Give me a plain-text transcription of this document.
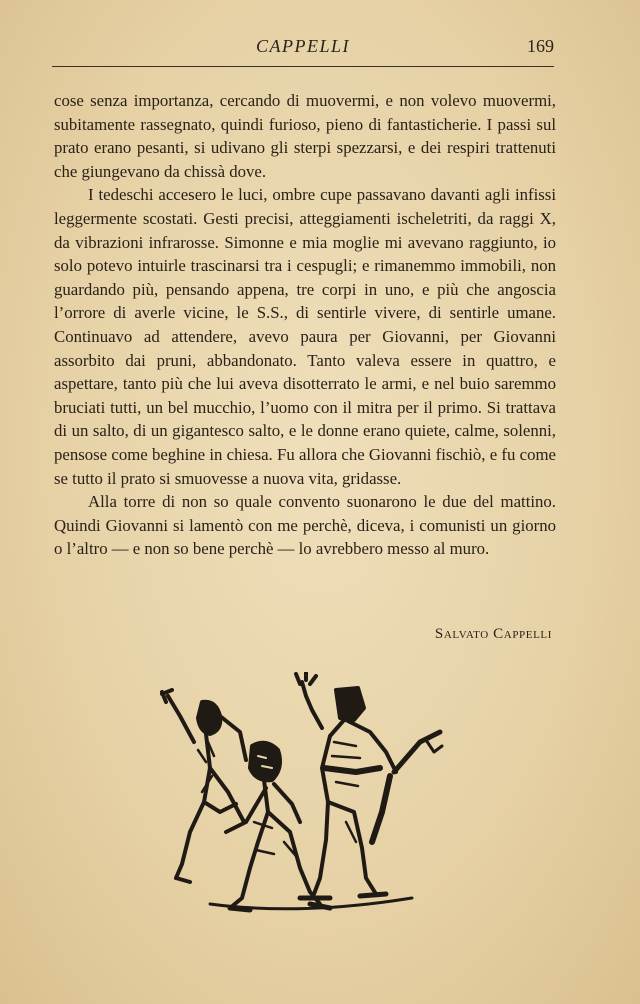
CAPPELLI	169

cose senza importanza, cercando di muovermi, e non volevo muovermi, subitamente rassegnato, quindi furioso, pieno di fantasticherie. I passi sul prato erano pesanti, si udivano gli sterpi spezzarsi, e dei respiri trattenuti che giungevano da chissà dove.

I tedeschi accesero le luci, ombre cupe passavano davanti agli infissi leggermente scostati. Gesti precisi, atteggiamenti ischeletriti, da raggi X, da vibrazioni infrarosse. Simonne e mia moglie mi avevano raggiunto, io solo potevo intuirle trascinarsi tra i cespugli; e rimanemmo immobili, non guardando più, pensando appena, tre corpi in uno, e più che angoscia l’orrore di averle vicine, le S.S., di sentirle vivere, di sentirle umane. Continuavo ad attendere, avevo paura per Giovanni, per Giovanni assorbito dai pruni, abbandonato. Tanto valeva essere in quattro, e aspettare, tanto più che lui aveva disotterrato le armi, e nel buio saremmo bruciati tutti, un bel mucchio, l’uomo con il mitra per il primo. Si trattava di un salto, di un gigantesco salto, e le donne erano quiete, calme, solenni, pensose come beghine in chiesa. Fu allora che Giovanni fischiò, e fu come se tutto il prato si smuovesse a nuova vita, gridasse.

Alla torre di non so quale convento suonarono le due del mattino. Quindi Giovanni si lamentò con me perchè, diceva, i comunisti un giorno o l’altro — e non so bene perchè — lo avrebbero messo al muro.

Salvato Cappelli
